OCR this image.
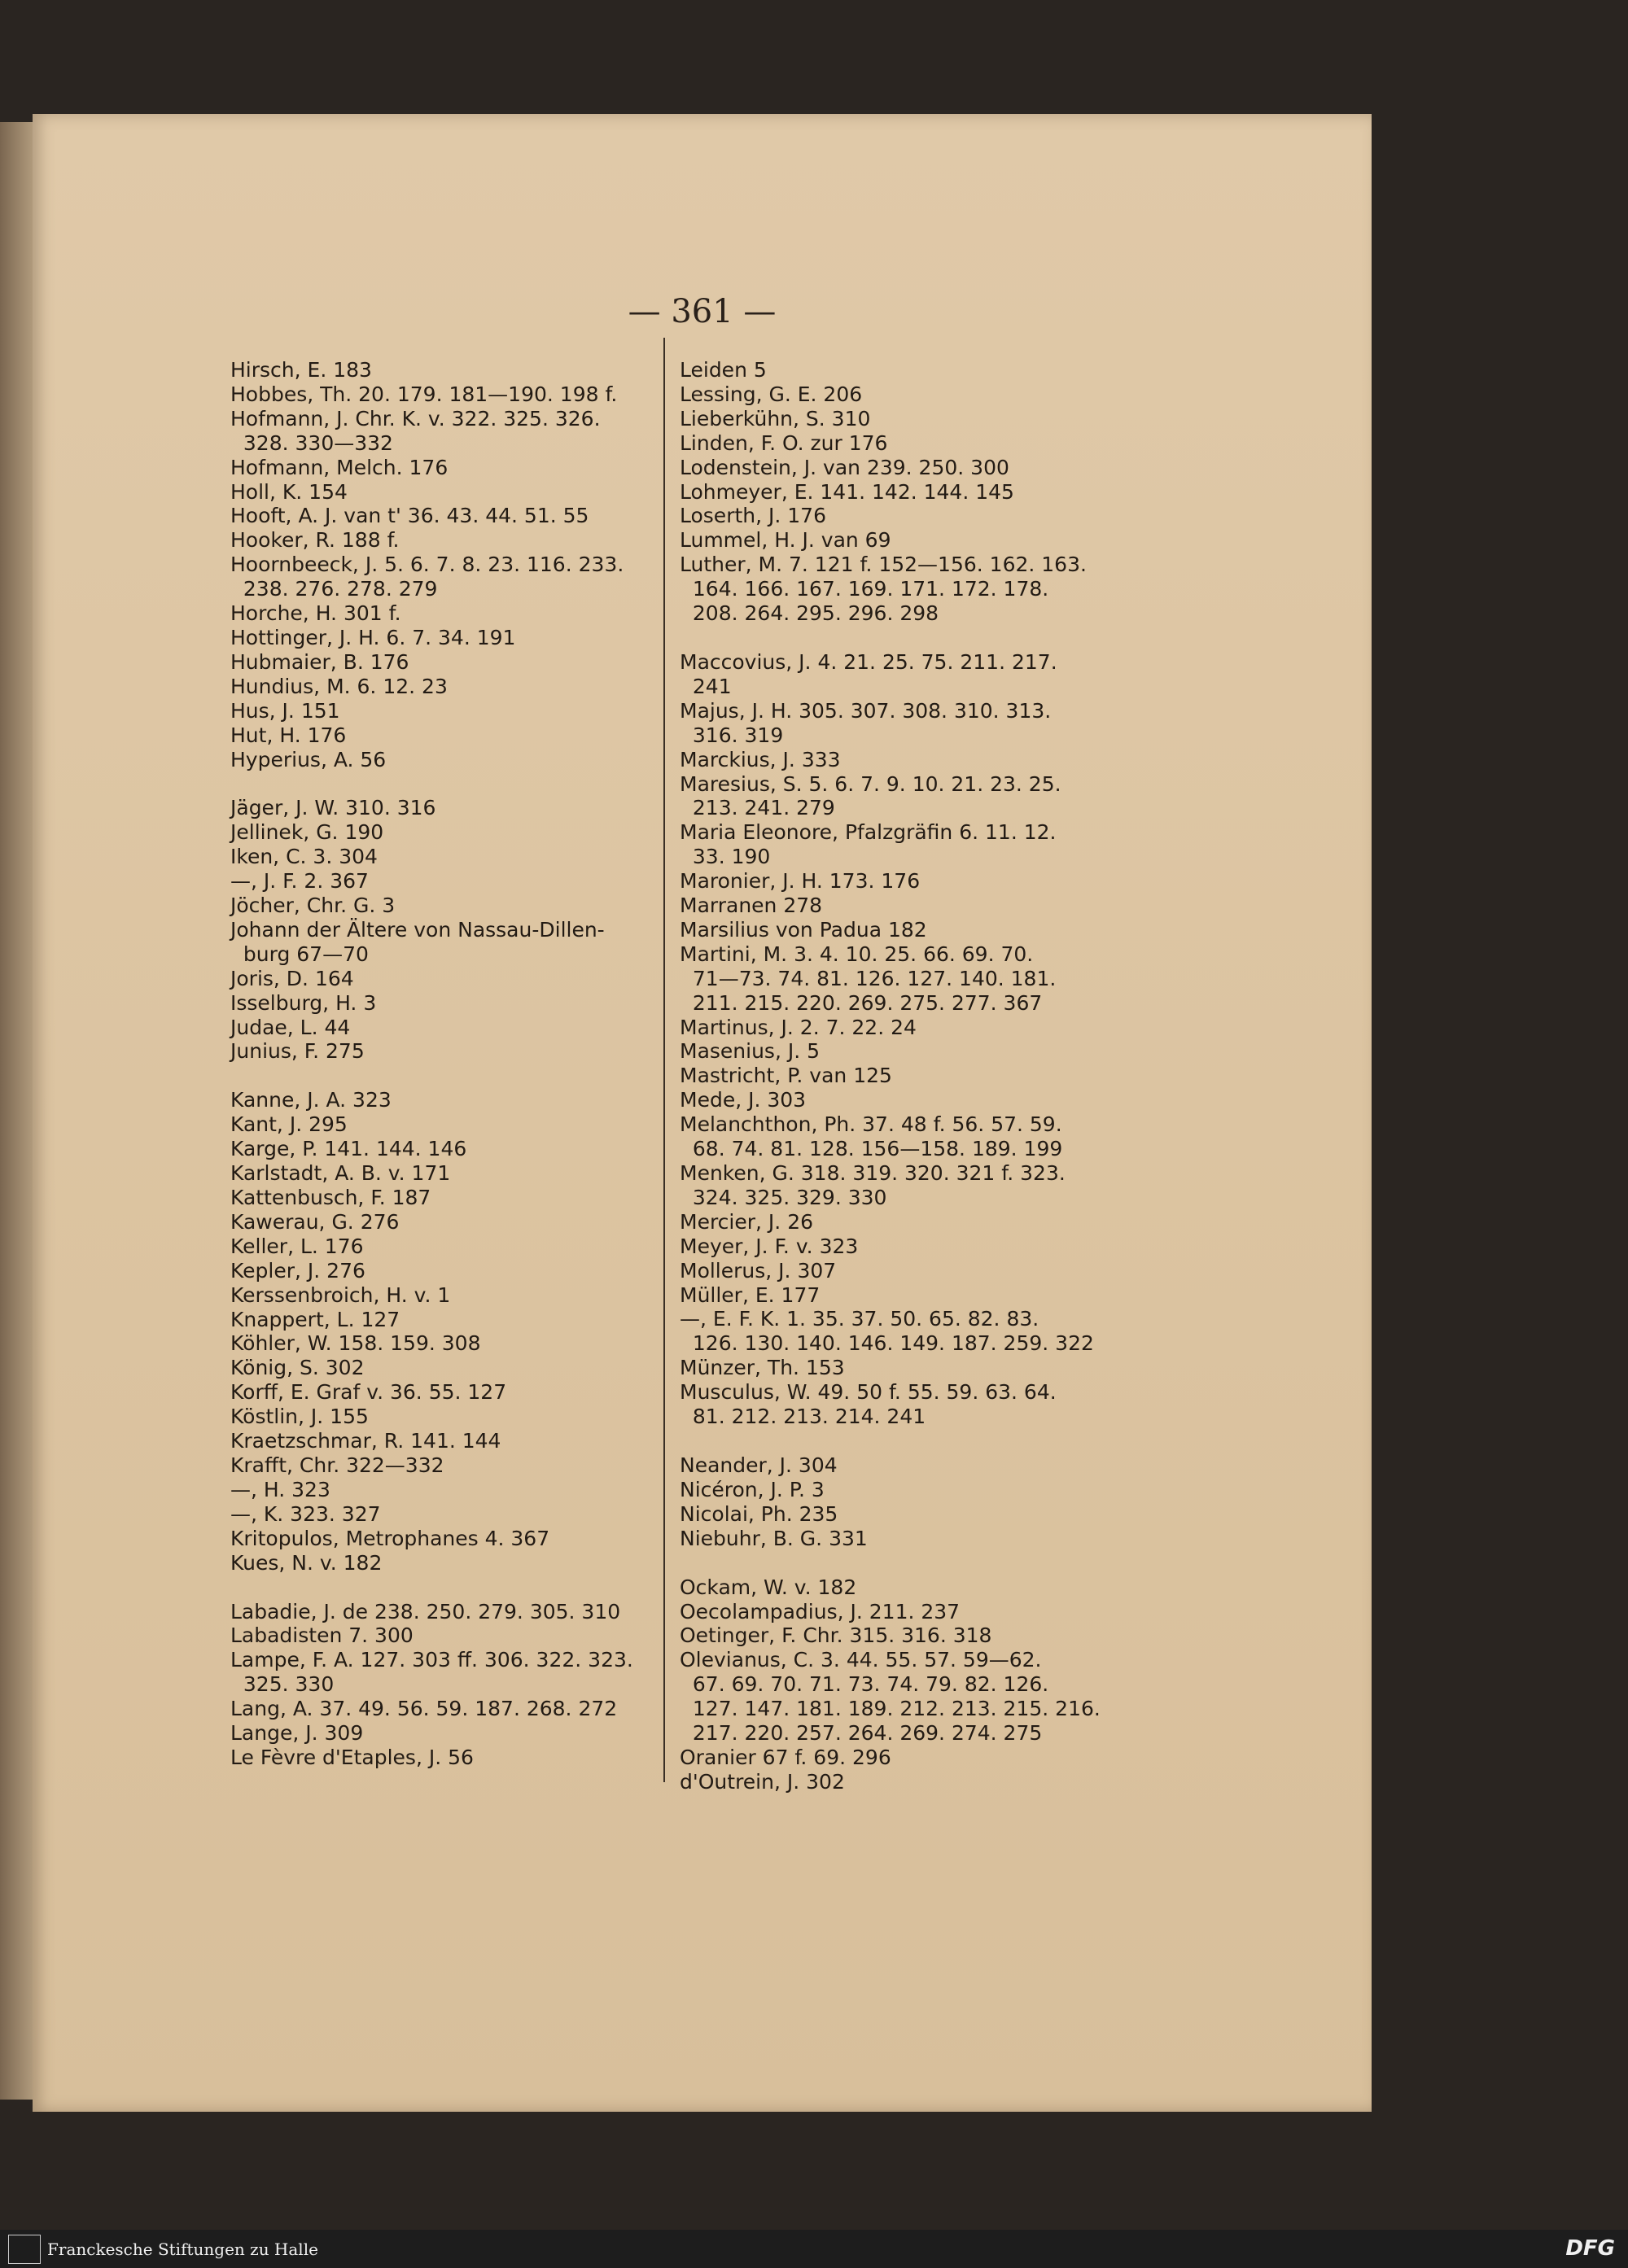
— 361 —
Hirsch, E. 183
Hobbes, Th. 20. 179. 181—190. 198 f.
Hofmann, J. Chr. K. v. 322. 325. 326.
328. 330—332
Hofmann, Melch. 176
Holl, K. 154
Hooft, A. J. van t' 36. 43. 44. 51. 55
Hooker, R. 188 f.
Hoornbeeck, J. 5. 6. 7. 8. 23. 116. 233.
238. 276. 278. 279
Horche, H. 301 f.
Hottinger, J. H. 6. 7. 34. 191
Hubmaier, B. 176
Hundius, M. 6. 12. 23
Hus, J. 151
Hut, H. 176
Hyperius, A. 56
Jäger, J. W. 310. 316
Jellinek, G. 190
Iken, C. 3. 304
—, J. F. 2. 367
Jöcher, Chr. G. 3
Johann der Ältere von Nassau-Dillen-
burg 67—70
Joris, D. 164
Isselburg, H. 3
Judae, L. 44
Junius, F. 275
Kanne, J. A. 323
Kant, J. 295
Karge, P. 141. 144. 146
Karlstadt, A. B. v. 171
Kattenbusch, F. 187
Kawerau, G. 276
Keller, L. 176
Kepler, J. 276
Kerssenbroich, H. v. 1
Knappert, L. 127
Köhler, W. 158. 159. 308
König, S. 302
Korff, E. Graf v. 36. 55. 127
Köstlin, J. 155
Kraetzschmar, R. 141. 144
Krafft, Chr. 322—332
—, H. 323
—, K. 323. 327
Kritopulos, Metrophanes 4. 367
Kues, N. v. 182
Labadie, J. de 238. 250. 279. 305. 310
Labadisten 7. 300
Lampe, F. A. 127. 303 ff. 306. 322. 323.
325. 330
Lang, A. 37. 49. 56. 59. 187. 268. 272
Lange, J. 309
Le Fèvre d'Etaples, J. 56
Leiden 5
Lessing, G. E. 206
Lieberkühn, S. 310
Linden, F. O. zur 176
Lodenstein, J. van 239. 250. 300
Lohmeyer, E. 141. 142. 144. 145
Loserth, J. 176
Lummel, H. J. van 69
Luther, M. 7. 121 f. 152—156. 162. 163.
164. 166. 167. 169. 171. 172. 178.
208. 264. 295. 296. 298
Maccovius, J. 4. 21. 25. 75. 211. 217.
241
Majus, J. H. 305. 307. 308. 310. 313.
316. 319
Marckius, J. 333
Maresius, S. 5. 6. 7. 9. 10. 21. 23. 25.
213. 241. 279
Maria Eleonore, Pfalzgräfin 6. 11. 12.
33. 190
Maronier, J. H. 173. 176
Marranen 278
Marsilius von Padua 182
Martini, M. 3. 4. 10. 25. 66. 69. 70.
71—73. 74. 81. 126. 127. 140. 181.
211. 215. 220. 269. 275. 277. 367
Martinus, J. 2. 7. 22. 24
Masenius, J. 5
Mastricht, P. van 125
Mede, J. 303
Melanchthon, Ph. 37. 48 f. 56. 57. 59.
68. 74. 81. 128. 156—158. 189. 199
Menken, G. 318. 319. 320. 321 f. 323.
324. 325. 329. 330
Mercier, J. 26
Meyer, J. F. v. 323
Mollerus, J. 307
Müller, E. 177
—, E. F. K. 1. 35. 37. 50. 65. 82. 83.
126. 130. 140. 146. 149. 187. 259. 322
Münzer, Th. 153
Musculus, W. 49. 50 f. 55. 59. 63. 64.
81. 212. 213. 214. 241
Neander, J. 304
Nicéron, J. P. 3
Nicolai, Ph. 235
Niebuhr, B. G. 331
Ockam, W. v. 182
Oecolampadius, J. 211. 237
Oetinger, F. Chr. 315. 316. 318
Olevianus, C. 3. 44. 55. 57. 59—62.
67. 69. 70. 71. 73. 74. 79. 82. 126.
127. 147. 181. 189. 212. 213. 215. 216.
217. 220. 257. 264. 269. 274. 275
Oranier 67 f. 69. 296
d'Outrein, J. 302
Franckesche Stiftungen zu Halle	DFG
